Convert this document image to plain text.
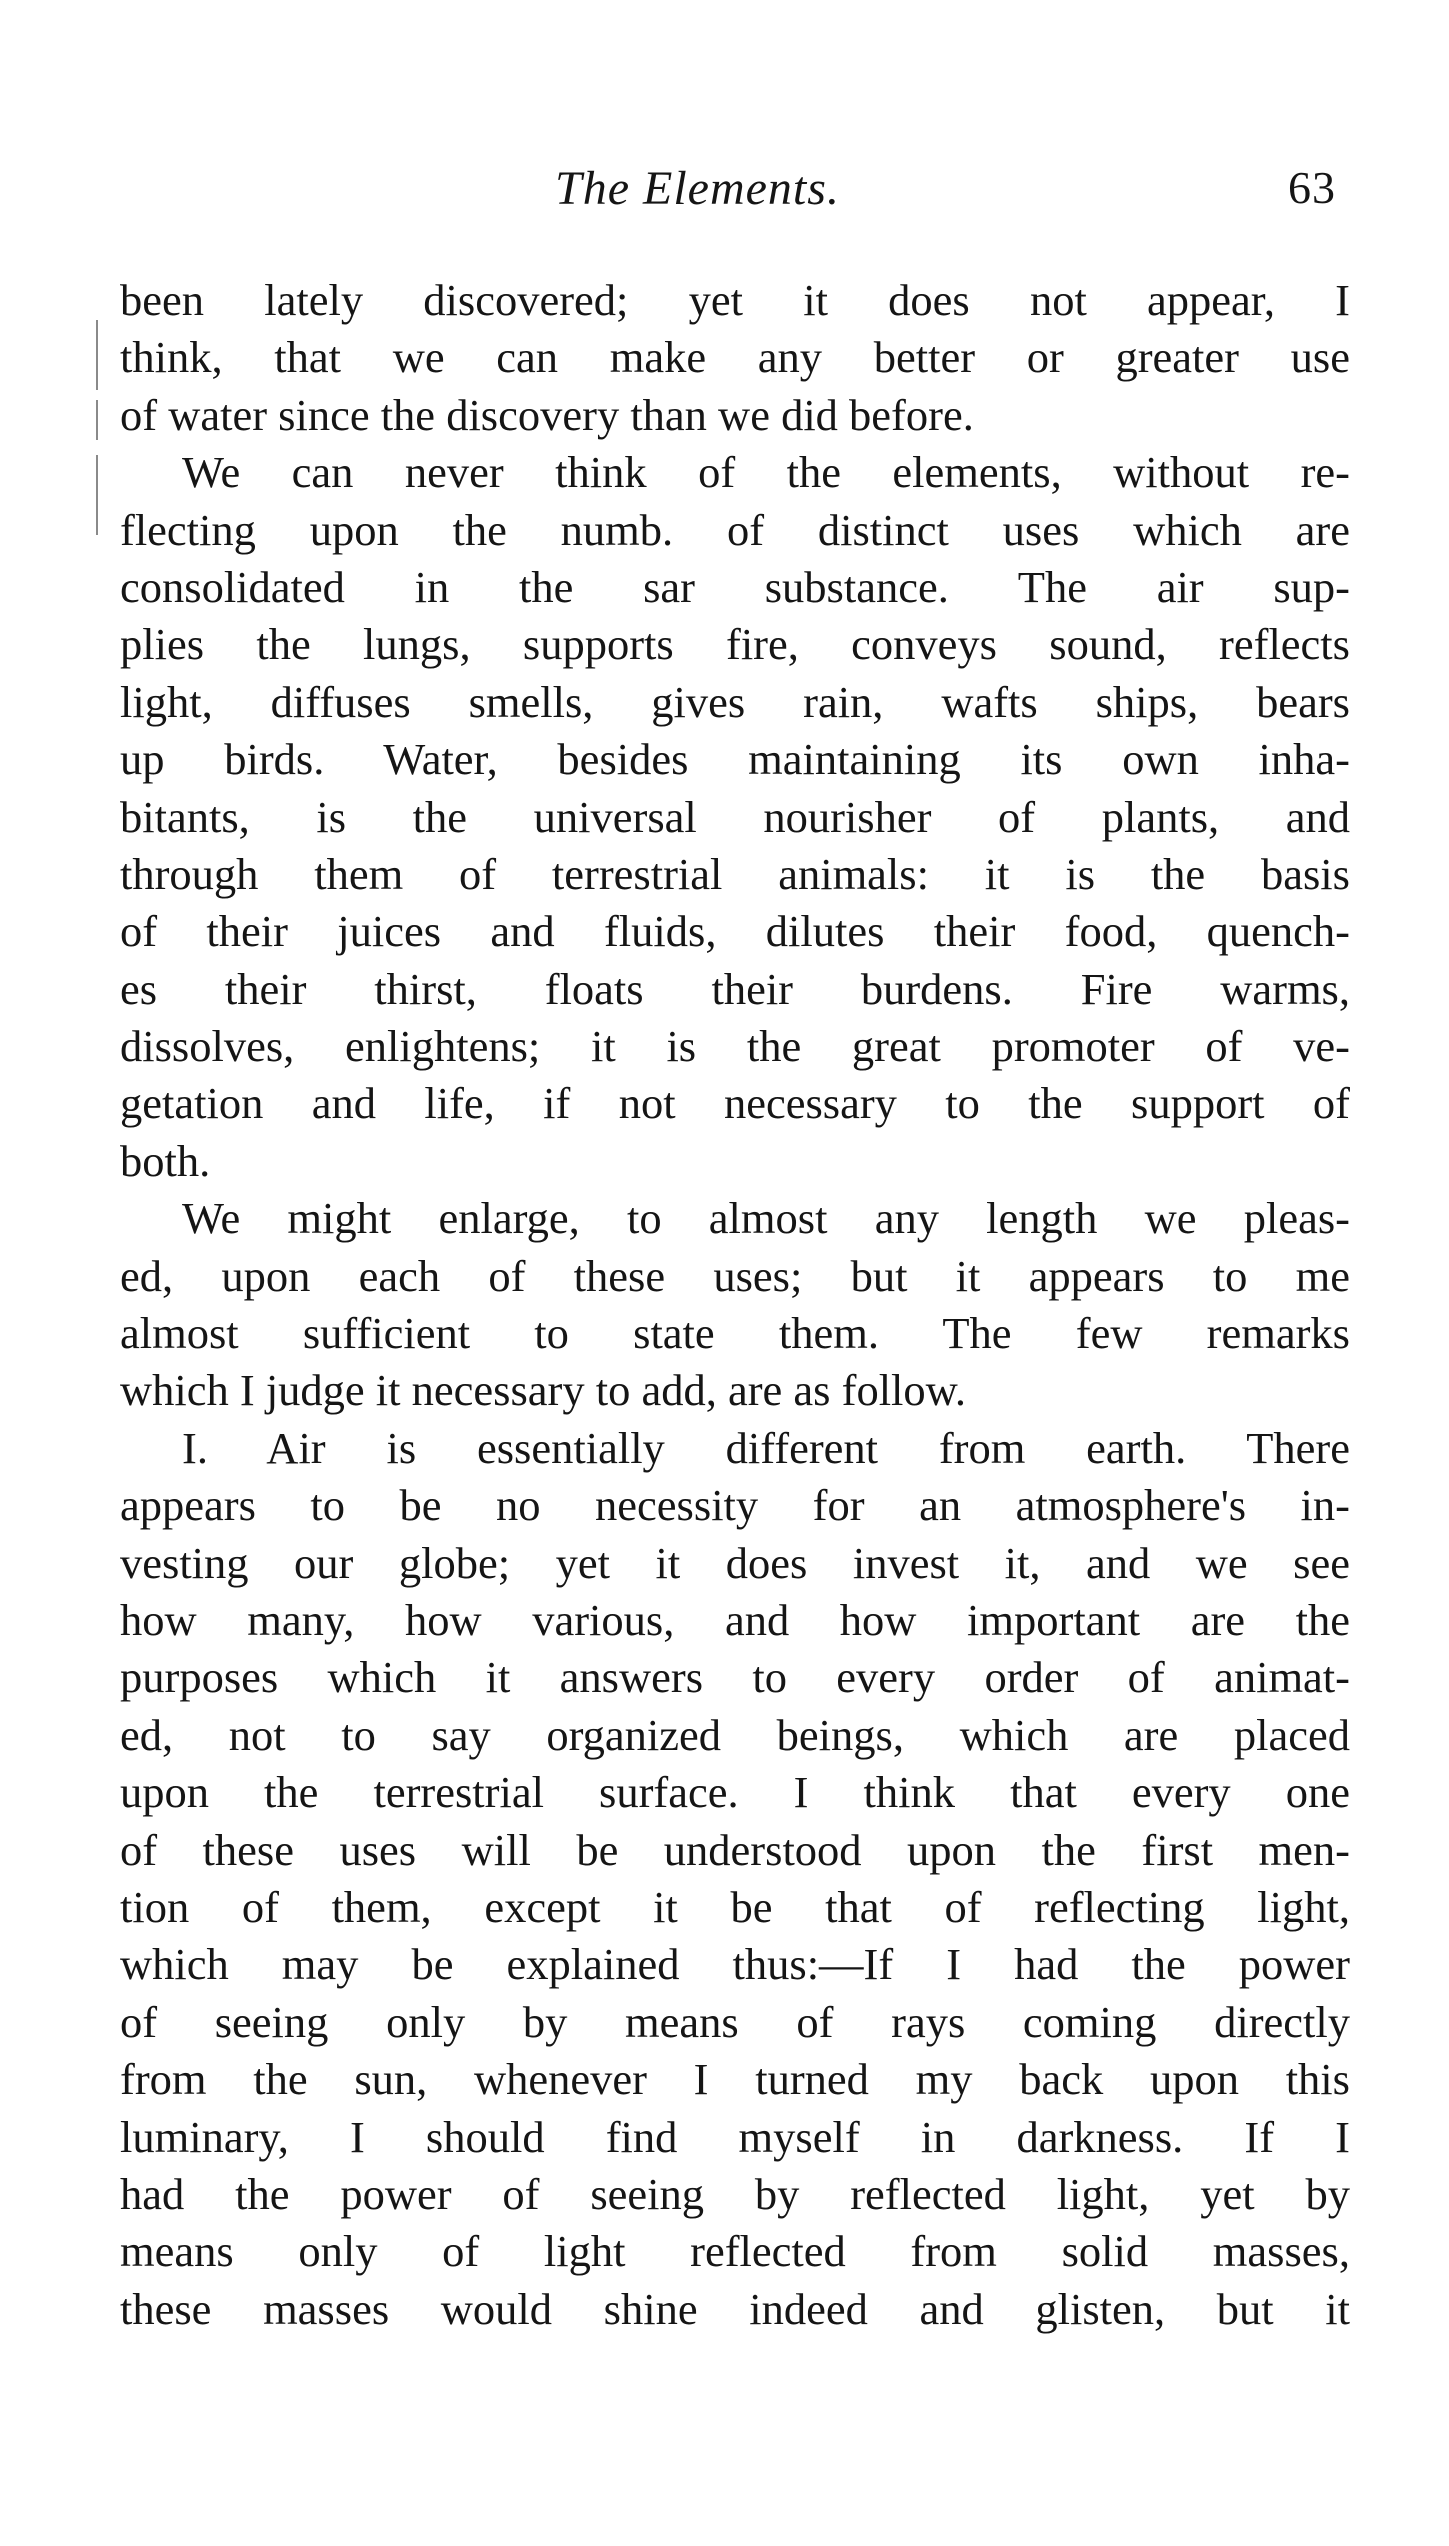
The Elements.	63
been lately discovered; yet it does not appear, I
think, that we can make any better or greater use
of water since the discovery than we did before.
We can never think of the elements, without re-
flecting upon the numb. of distinct uses which are
consolidated in the sar substance. The air sup-
plies the lungs, supports fire, conveys sound, reflects
light, diffuses smells, gives rain, wafts ships, bears
up birds. Water, besides maintaining its own inha-
bitants, is the universal nourisher of plants, and
through them of terrestrial animals: it is the basis
of their juices and fluids, dilutes their food, quench-
es their thirst, floats their burdens. Fire warms,
dissolves, enlightens; it is the great promoter of ve-
getation and life, if not necessary to the support of
both.
We might enlarge, to almost any length we pleas-
ed, upon each of these uses; but it appears to me
almost sufficient to state them. The few remarks
which I judge it necessary to add, are as follow.
I. Air is essentially different from earth. There
appears to be no necessity for an atmosphere's in-
vesting our globe; yet it does invest it, and we see
how many, how various, and how important are the
purposes which it answers to every order of animat-
ed, not to say organized beings, which are placed
upon the terrestrial surface. I think that every one
of these uses will be understood upon the first men-
tion of them, except it be that of reflecting light,
which may be explained thus:—If I had the power
of seeing only by means of rays coming directly
from the sun, whenever I turned my back upon this
luminary, I should find myself in darkness. If I
had the power of seeing by reflected light, yet by
means only of light reflected from solid masses,
these masses would shine indeed and glisten, but it
